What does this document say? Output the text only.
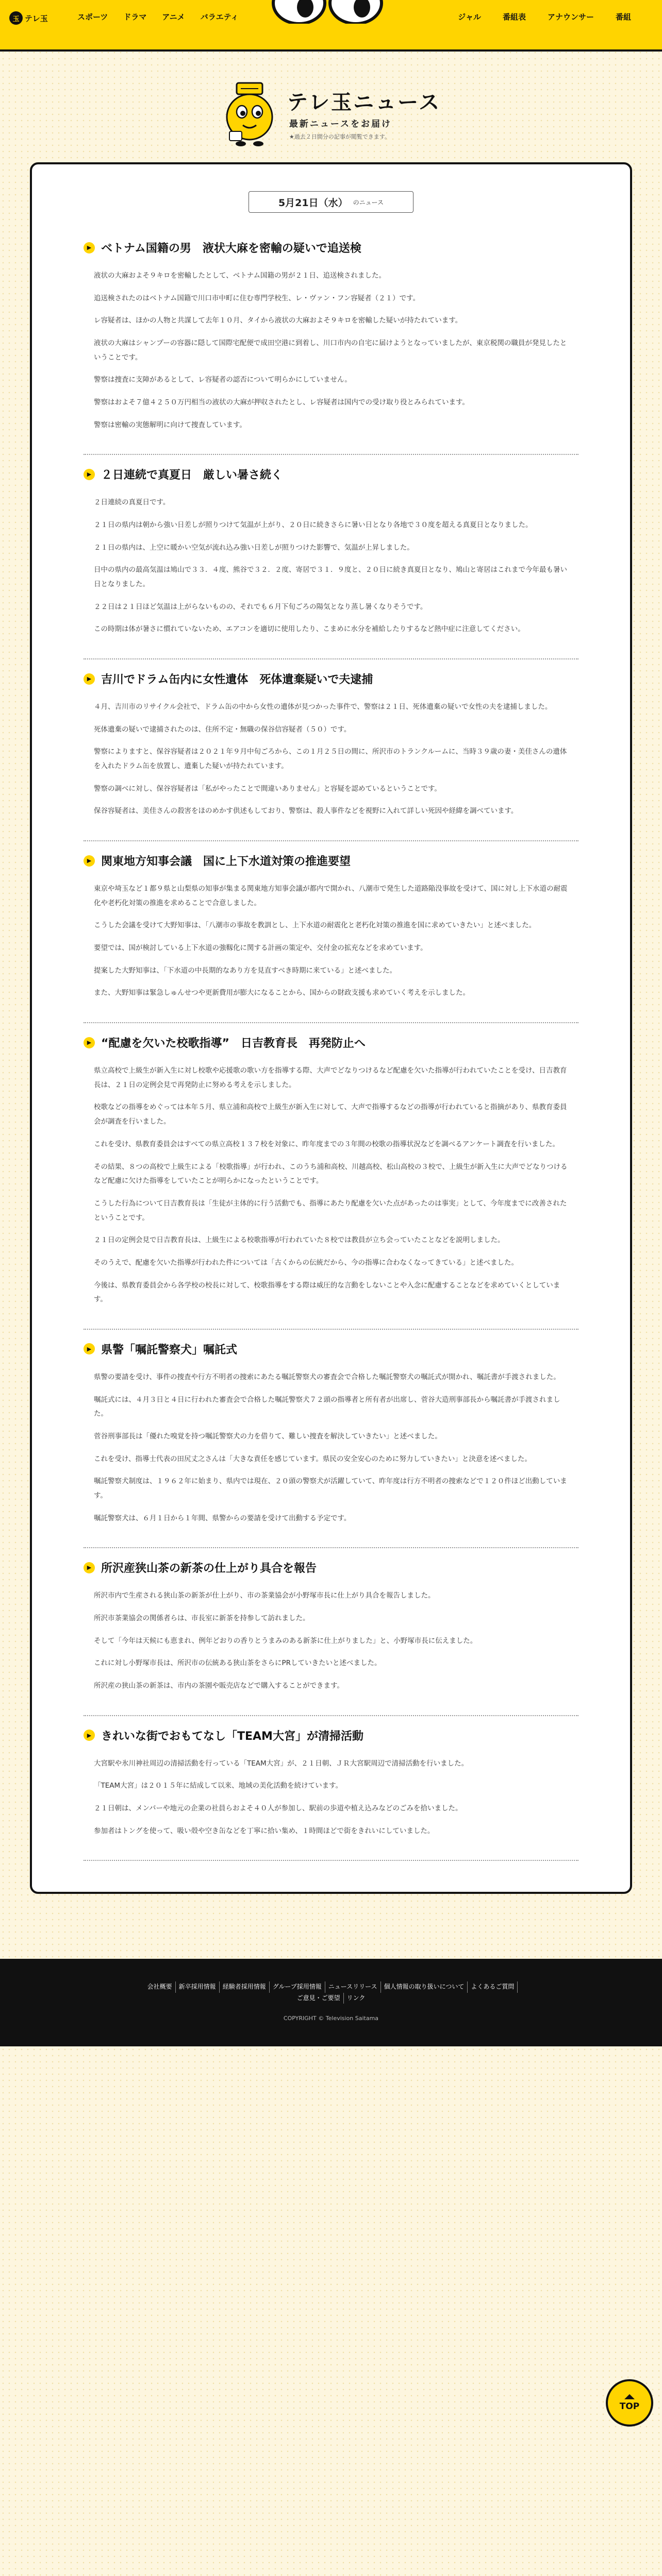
玉 テレ玉	スポーツ ドラマ アニメ バラエティ	ジャル	番組表	アナウンサー	番組
テレ玉ニュース

最新ニュースをお届け

★過去２日間分の記事が閲覧できます。

5月21日（水） のニュース
▶ ベトナム国籍の男　液状大麻を密輸の疑いで追送検

液状の大麻およそ９キロを密輸したとして、ベトナム国籍の男が２１日、追送検されました。

追送検されたのはベトナム国籍で川口市中町に住む専門学校生、レ・ヴァン・フン容疑者（２１）です。

レ容疑者は、ほかの人物と共謀して去年１０月、タイから液状の大麻およそ９キロを密輸した疑いが持たれています。

液状の大麻はシャンプーの容器に隠して国際宅配便で成田空港に到着し、川口市内の自宅に届けようとなっていましたが、東京税関の職員が発見したということです。

警察は捜査に支障があるとして、レ容疑者の認否について明らかにしていません。

警察はおよそ７億４２５０万円相当の液状の大麻が押収されたとし、レ容疑者は国内での受け取り役とみられています。

警察は密輸の実態解明に向けて捜査しています。

▶ ２日連続で真夏日　厳しい暑さ続く

２日連続の真夏日です。

２１日の県内は朝から強い日差しが照りつけて気温が上がり、２０日に続きさらに暑い日となり各地で３０度を超える真夏日となりました。

２１日の県内は、上空に暖かい空気が流れ込み強い日差しが照りつけた影響で、気温が上昇しました。

日中の県内の最高気温は鳩山で３３．４度、熊谷で３２．２度、寄居で３１．９度と、２０日に続き真夏日となり、鳩山と寄居はこれまで今年最も暑い日となりました。

２２日は２１日ほど気温は上がらないものの、それでも６月下旬ごろの陽気となり蒸し暑くなりそうです。

この時期は体が暑さに慣れていないため、エアコンを適切に使用したり、こまめに水分を補給したりするなど熱中症に注意してください。

▶ 吉川でドラム缶内に女性遺体　死体遺棄疑いで夫逮捕

４月、吉川市のリサイクル会社で、ドラム缶の中から女性の遺体が見つかった事件で、警察は２１日、死体遺棄の疑いで女性の夫を逮捕しました。

死体遺棄の疑いで逮捕されたのは、住所不定・無職の保谷信容疑者（５０）です。

警察によりますと、保谷容疑者は２０２１年９月中旬ごろから、この１月２５日の間に、所沢市のトランクルームに、当時３９歳の妻・美佳さんの遺体を入れたドラム缶を放置し、遺棄した疑いが持たれています。

警察の調べに対し、保谷容疑者は「私がやったことで間違いありません」と容疑を認めているということです。

保谷容疑者は、美佳さんの殺害をほのめかす供述もしており、警察は、殺人事件などを視野に入れて詳しい死因や経緯を調べています。

▶ 関東地方知事会議　国に上下水道対策の推進要望

東京や埼玉など１都９県と山梨県の知事が集まる関東地方知事会議が都内で開かれ、八潮市で発生した道路陥没事故を受けて、国に対し上下水道の耐震化や老朽化対策の推進を求めることで合意しました。

こうした会議を受けて大野知事は、「八潮市の事故を教訓とし、上下水道の耐震化と老朽化対策の推進を国に求めていきたい」と述べました。

要望では、国が検討している上下水道の強靱化に関する計画の策定や、交付金の拡充などを求めています。

提案した大野知事は、「下水道の中長期的なあり方を見直すべき時期に来ている」と述べました。

また、大野知事は緊急しゅんせつや更新費用が膨大になることから、国からの財政支援も求めていく考えを示しました。

▶ “配慮を欠いた校歌指導”　日吉教育長　再発防止へ

県立高校で上級生が新入生に対し校歌や応援歌の歌い方を指導する際、大声でどなりつけるなど配慮を欠いた指導が行われていたことを受け、日吉教育長は、２１日の定例会見で再発防止に努める考えを示しました。

校歌などの指導をめぐっては本年５月、県立浦和高校で上級生が新入生に対して、大声で指導するなどの指導が行われていると指摘があり、県教育委員会が調査を行いました。

これを受け、県教育委員会はすべての県立高校１３７校を対象に、昨年度までの３年間の校歌の指導状況などを調べるアンケート調査を行いました。

その結果、８つの高校で上級生による「校歌指導」が行われ、このうち浦和高校、川越高校、松山高校の３校で、上級生が新入生に大声でどなりつけるなど配慮に欠けた指導をしていたことが明らかになったということです。

こうした行為について日吉教育長は「生徒が主体的に行う活動でも、指導にあたり配慮を欠いた点があったのは事実」として、今年度までに改善されたということです。

２１日の定例会見で日吉教育長は、上級生による校歌指導が行われていた８校では教員が立ち会っていたことなどを説明しました。

そのうえで、配慮を欠いた指導が行われた件については「古くからの伝統だから、今の指導に合わなくなってきている」と述べました。

今後は、県教育委員会から各学校の校長に対して、校歌指導をする際は威圧的な言動をしないことや入念に配慮することなどを求めていくとしています。

▶ 県警「嘱託警察犬」嘱託式

県警の要請を受け、事件の捜査や行方不明者の捜索にあたる嘱託警察犬の審査会で合格した嘱託警察犬の嘱託式が開かれ、嘱託書が手渡されました。

嘱託式には、４月３日と４日に行われた審査会で合格した嘱託警察犬７２頭の指導者と所有者が出席し、菅谷大造刑事部長から嘱託書が手渡されました。

菅谷刑事部長は「優れた嗅覚を持つ嘱託警察犬の力を借りて、難しい捜査を解決していきたい」と述べました。

これを受け、指導士代表の田尻丈之さんは「大きな責任を感じています。県民の安全安心のために努力していきたい」と決意を述べました。

嘱託警察犬制度は、１９６２年に始まり、県内では現在、２０頭の警察犬が活躍していて、昨年度は行方不明者の捜索などで１２０件ほど出動しています。

嘱託警察犬は、６月１日から１年間、県警からの要請を受けて出動する予定です。

▶ 所沢産狭山茶の新茶の仕上がり具合を報告

所沢市内で生産される狭山茶の新茶が仕上がり、市の茶業協会が小野塚市長に仕上がり具合を報告しました。

所沢市茶業協会の関係者らは、市長室に新茶を持参して訪れました。

そして「今年は天候にも恵まれ、例年どおりの香りとうまみのある新茶に仕上がりました」と、小野塚市長に伝えました。

これに対し小野塚市長は、所沢市の伝統ある狭山茶をさらにPRしていきたいと述べました。

所沢産の狭山茶の新茶は、市内の茶園や販売店などで購入することができます。

▶ きれいな街でおもてなし「TEAM大宮」が清掃活動

大宮駅や氷川神社周辺の清掃活動を行っている「TEAM大宮」が、２１日朝、ＪＲ大宮駅周辺で清掃活動を行いました。

「TEAM大宮」は２０１５年に結成して以来、地域の美化活動を続けています。

２１日朝は、メンバーや地元の企業の社員らおよそ４０人が参加し、駅前の歩道や植え込みなどのごみを拾いました。

参加者はトングを使って、吸い殻や空き缶などを丁寧に拾い集め、１時間ほどで街をきれいにしていました。

TOP
会社概要	新卒採用情報	経験者採用情報	グループ採用情報	ニュースリリース	個人情報の取り扱いについて	よくあるご質問
ご意見・ご要望	リンク

COPYRIGHT © Television Saitama
